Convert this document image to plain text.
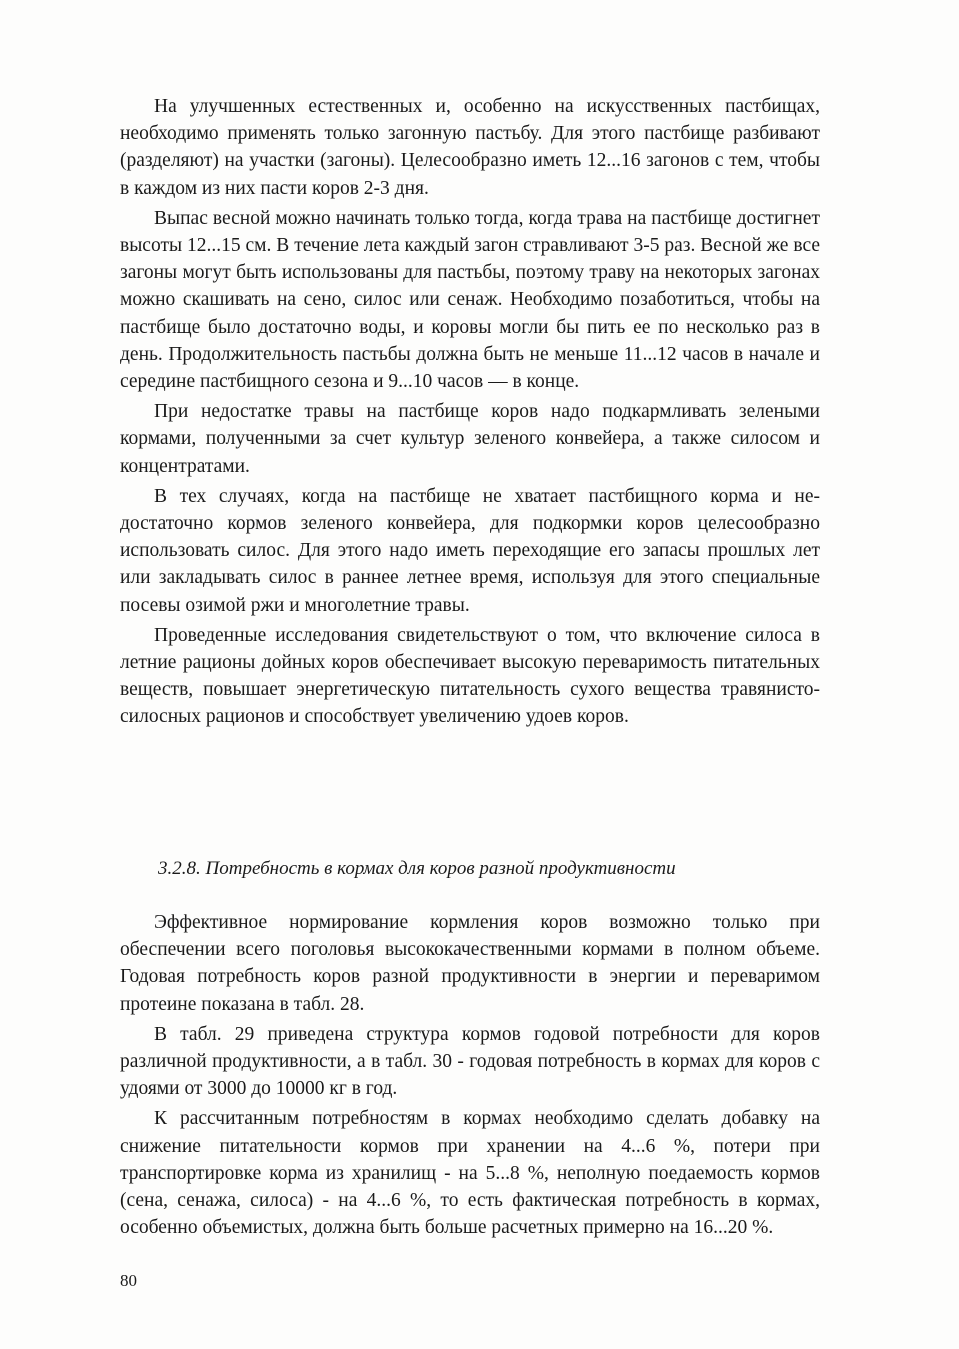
На улучшенных естественных и, особенно на искусственных пастбищах, необходимо применять только загонную пастьбу. Для этого пастбище разбивают (разделяют) на участки (загоны). Целесообразно иметь 12...16 загонов с тем, чтобы в каждом из них пасти коров 2-3 дня.

Выпас весной можно начинать только тогда, когда трава на пастбище достигнет высоты 12...15 см. В течение лета каждый загон стравливают 3-5 раз. Весной же все загоны могут быть использованы для пастьбы, поэтому траву на некоторых загонах можно скашивать на сено, силос или сенаж. Необходимо позаботиться, чтобы на пастбище было достаточно воды, и коровы могли бы пить ее по несколько раз в день. Продолжительность пастьбы должна быть не меньше 11...12 часов в начале и середине пастбищного сезона и 9...10 часов — в конце.

При недостатке травы на пастбище коров надо подкармливать зелеными кормами, полученными за счет культур зеленого конвейера, а также силосом и концентратами.

В тех случаях, когда на пастбище не хватает пастбищного корма и недостаточно кормов зеленого конвейера, для подкормки коров целесообразно использовать силос. Для этого надо иметь переходящие его запасы прошлых лет или закладывать силос в раннее летнее время, используя для этого специальные посевы озимой ржи и многолетние травы.

Проведенные исследования свидетельствуют о том, что включение силоса в летние рационы дойных коров обеспечивает высокую переваримость питательных веществ, повышает энергетическую питательность сухого вещества травянисто-силосных рационов и способствует увеличению удоев коров.

3.2.8. Потребность в кормах для коров разной продуктивности

Эффективное нормирование кормления коров возможно только при обеспечении всего поголовья высококачественными кормами в полном объеме. Годовая потребность коров разной продуктивности в энергии и переваримом протеине показана в табл. 28.

В табл. 29 приведена структура кормов годовой потребности для коров различной продуктивности, а в табл. 30 - годовая потребность в кормах для коров с удоями от 3000 до 10000 кг в год.

К рассчитанным потребностям в кормах необходимо сделать добавку на снижение питательности кормов при хранении на 4...6 %, потери при транспортировке корма из хранилищ - на 5...8 %, неполную поедаемость кормов (сена, сенажа, силоса) - на 4...6 %, то есть фактическая потребность в кормах, особенно объемистых, должна быть больше расчетных примерно на 16...20 %.

80
